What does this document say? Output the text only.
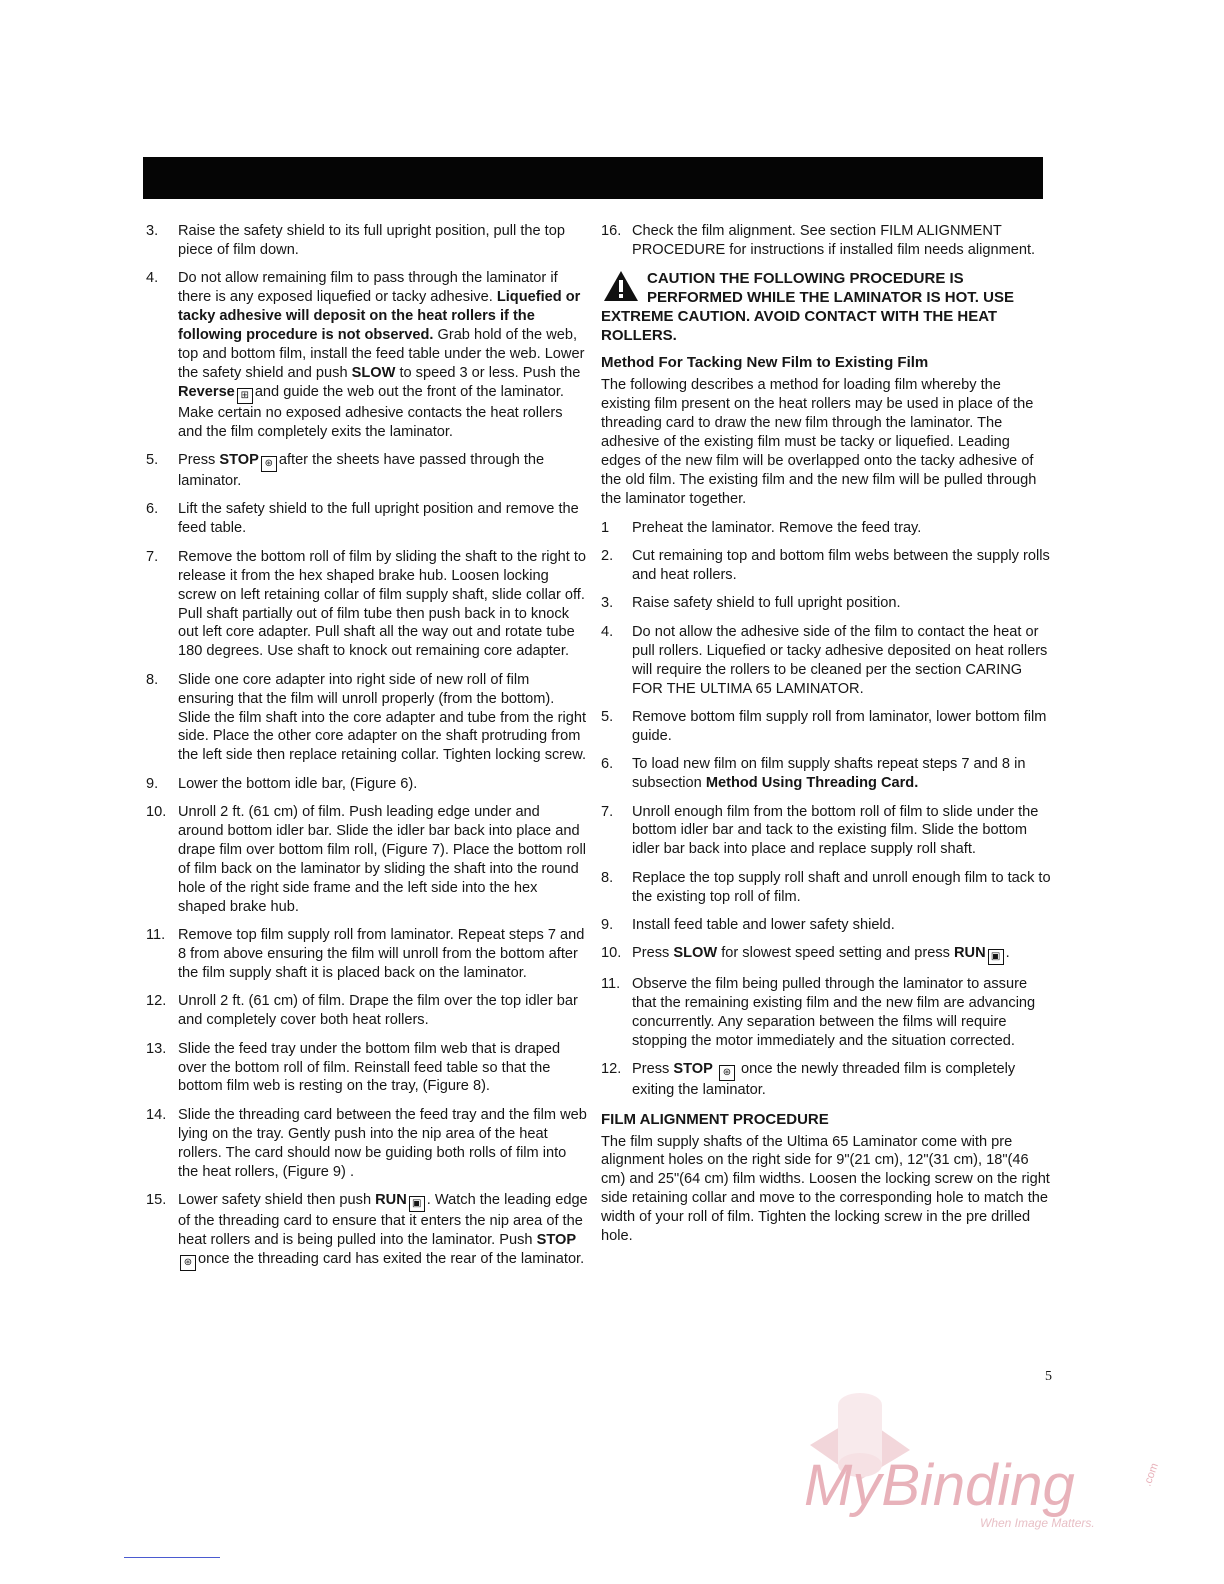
3. Raise the safety shield to its full upright position, pull the top piece of film down.
4. Do not allow remaining film to pass through the laminator if there is any exposed liquefied or tacky adhesive. Liquefied or tacky adhesive will deposit on the heat rollers if the following procedure is not observed. Grab hold of the web, top and bottom film, install the feed table under the web. Lower the safety shield and push SLOW to speed 3 or less. Push the Reverse ⊞ and guide the web out the front of the laminator. Make certain no exposed adhesive contacts the heat rollers and the film completely exits the laminator.
5. Press STOP ⊛ after the sheets have passed through the laminator.
6. Lift the safety shield to the full upright position and remove the feed table.
7. Remove the bottom roll of film by sliding the shaft to the right to release it from the hex shaped brake hub. Loosen locking screw on left retaining collar of film supply shaft, slide collar off. Pull shaft partially out of film tube then push back in to knock out left core adapter. Pull shaft all the way out and rotate tube 180 degrees. Use shaft to knock out remaining core adapter.
8. Slide one core adapter into right side of new roll of film ensuring that the film will unroll properly (from the bottom). Slide the film shaft into the core adapter and tube from the right side. Place the other core adapter on the shaft protruding from the left side then replace retaining collar. Tighten locking screw.
9. Lower the bottom idle bar, (Figure 6).
10. Unroll 2 ft. (61 cm) of film. Push leading edge under and around bottom idler bar. Slide the idler bar back into place and drape film over bottom film roll, (Figure 7). Place the bottom roll of film back on the laminator by sliding the shaft into the round hole of the right side frame and the left side into the hex shaped brake hub.
11. Remove top film supply roll from laminator. Repeat steps 7 and 8 from above ensuring the film will unroll from the bottom after the film supply shaft it is placed back on the laminator.
12. Unroll 2 ft. (61 cm) of film. Drape the film over the top idler bar and completely cover both heat rollers.
13. Slide the feed tray under the bottom film web that is draped over the bottom roll of film. Reinstall feed table so that the bottom film web is resting on the tray, (Figure 8).
14. Slide the threading card between the feed tray and the film web lying on the tray. Gently push into the nip area of the heat rollers. The card should now be guiding both rolls of film into the heat rollers, (Figure 9) .
15. Lower safety shield then push RUN ▣ . Watch the leading edge of the threading card to ensure that it enters the nip area of the heat rollers and is being pulled into the laminator. Push STOP⊛ once the threading card has exited the rear of the laminator.
16. Check the film alignment. See section FILM ALIGNMENT PROCEDURE for instructions if installed film needs alignment.
CAUTION THE FOLLOWING PROCEDURE IS
PERFORMED WHILE THE LAMINATOR IS HOT. USE EXTREME CAUTION. AVOID CONTACT WITH THE HEAT ROLLERS.
Method For Tacking New Film to Existing Film
The following describes a method for loading film whereby the existing film present on the heat rollers may be used in place of the threading card to draw the new film through the laminator. The adhesive of the existing film must be tacky or liquefied. Leading edges of the new film will be overlapped onto the tacky adhesive of the old film. The existing film and the new film will be pulled through the laminator together.
1 Preheat the laminator. Remove the feed tray.
2. Cut remaining top and bottom film webs between the supply rolls and heat rollers.
3. Raise safety shield to full upright position.
4. Do not allow the adhesive side of the film to contact the heat or pull rollers. Liquefied or tacky adhesive deposited on heat rollers will require the rollers to be cleaned per the section CARING FOR THE ULTIMA 65 LAMINATOR.
5. Remove bottom film supply roll from laminator, lower bottom film guide.
6. To load new film on film supply shafts repeat steps 7 and 8 in subsection Method Using Threading Card.
7. Unroll enough film from the bottom roll of film to slide under the bottom idler bar and tack to the existing film. Slide the bottom idler bar back into place and replace supply roll shaft.
8. Replace the top supply roll shaft and unroll enough film to tack to the existing top roll of film.
9. Install feed table and lower safety shield.
10. Press SLOW for slowest speed setting and press RUN ▣ .
11. Observe the film being pulled through the laminator to assure that the remaining existing film and the new film are advancing concurrently. Any separation between the films will require stopping the motor immediately and the situation corrected.
12. Press STOP ⊛ once the newly threaded film is completely exiting the laminator.
FILM ALIGNMENT PROCEDURE
The film supply shafts of the Ultima 65 Laminator come with pre alignment holes on the right side for 9"(21 cm), 12"(31 cm), 18"(46 cm) and 25"(64 cm) film widths. Loosen the locking screw on the right side retaining collar and move to the corresponding hole to match the width of your roll of film. Tighten the locking screw in the pre drilled hole.
5
MyBinding	.com
When Image Matters.
